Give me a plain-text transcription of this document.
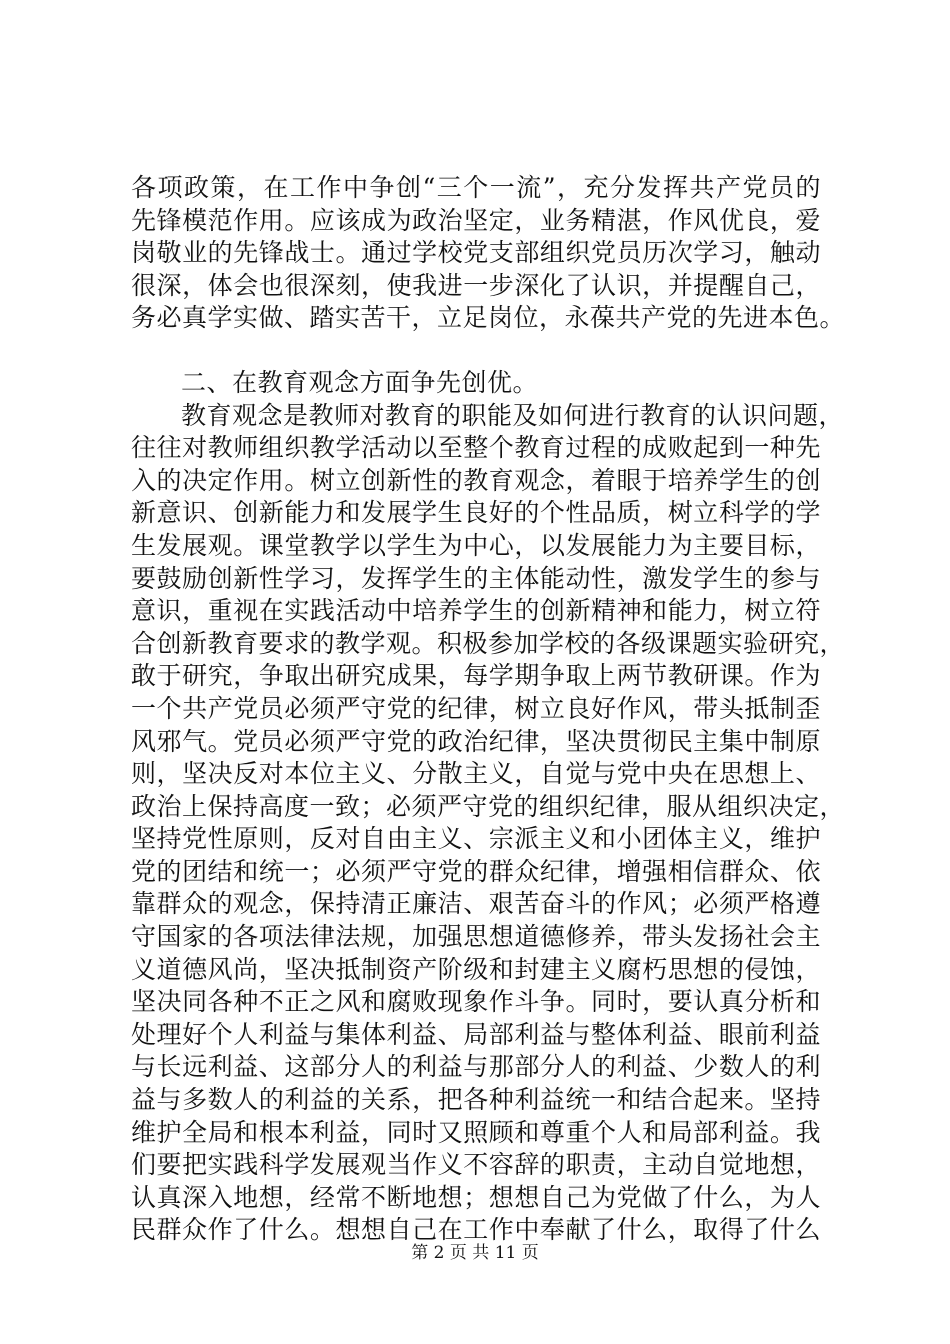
各项政策，在工作中争创“三个一流”，充分发挥共产党员的
先锋模范作用。应该成为政治坚定，业务精湛，作风优良，爱
岗敬业的先锋战士。通过学校党支部组织党员历次学习，触动
很深，体会也很深刻，使我进一步深化了认识，并提醒自己，
务必真学实做、踏实苦干，立足岗位，永葆共产党的先进本色。
二、在教育观念方面争先创优。
教育观念是教师对教育的职能及如何进行教育的认识问题，
往往对教师组织教学活动以至整个教育过程的成败起到一种先
入的决定作用。树立创新性的教育观念，着眼于培养学生的创
新意识、创新能力和发展学生良好的个性品质，树立科学的学
生发展观。课堂教学以学生为中心，以发展能力为主要目标，
要鼓励创新性学习，发挥学生的主体能动性，激发学生的参与
意识，重视在实践活动中培养学生的创新精神和能力，树立符
合创新教育要求的教学观。积极参加学校的各级课题实验研究，
敢于研究，争取出研究成果，每学期争取上两节教研课。作为
一个共产党员必须严守党的纪律，树立良好作风，带头抵制歪
风邪气。党员必须严守党的政治纪律，坚决贯彻民主集中制原
则，坚决反对本位主义、分散主义，自觉与党中央在思想上、
政治上保持高度一致；必须严守党的组织纪律，服从组织决定，
坚持党性原则，反对自由主义、宗派主义和小团体主义，维护
党的团结和统一；必须严守党的群众纪律，增强相信群众、依
靠群众的观念，保持清正廉洁、艰苦奋斗的作风；必须严格遵
守国家的各项法律法规，加强思想道德修养，带头发扬社会主
义道德风尚，坚决抵制资产阶级和封建主义腐朽思想的侵蚀，
坚决同各种不正之风和腐败现象作斗争。同时，要认真分析和
处理好个人利益与集体利益、局部利益与整体利益、眼前利益
与长远利益、这部分人的利益与那部分人的利益、少数人的利
益与多数人的利益的关系，把各种利益统一和结合起来。坚持
维护全局和根本利益，同时又照顾和尊重个人和局部利益。我
们要把实践科学发展观当作义不容辞的职责，主动自觉地想，
认真深入地想，经常不断地想；想想自己为党做了什么，为人
民群众作了什么。想想自己在工作中奉献了什么，取得了什么
第 2 页 共 11 页
